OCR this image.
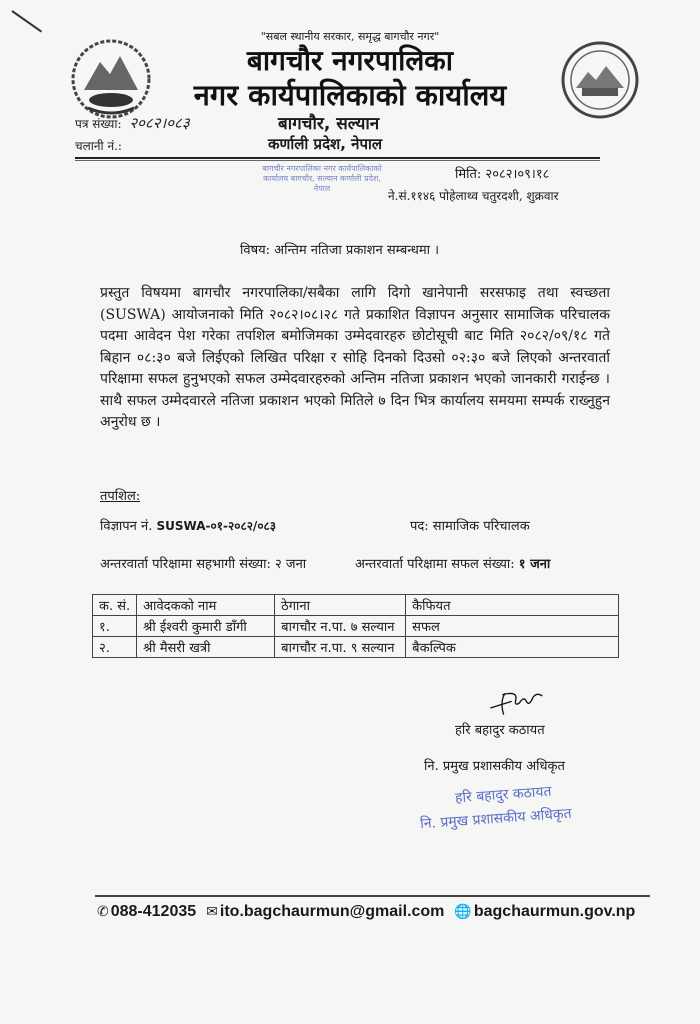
"सबल स्थानीय सरकार, समृद्ध बागचौर नगर"
बागचौर नगरपालिका
नगर कार्यपालिकाको कार्यालय
पत्र संख्या: २०८२।०८३
चलानी नं.:
बागचौर, सल्यान
कर्णाली प्रदेश, नेपाल
बागचौर नगरपालिका नगर कार्यपालिकाको कार्यालय बागचौर, सल्यान कर्णाली प्रदेश, नेपाल
मिति: २०८२।०९।१८
ने.सं.११४६ पोहेलाथ्व चतुरदशी, शुक्रवार
विषय: अन्तिम नतिजा प्रकाशन सम्बन्धमा ।
प्रस्तुत विषयमा बागचौर नगरपालिका/सबैका लागि दिगो खानेपानी सरसफाइ तथा स्वच्छता (SUSWA) आयोजनाको मिति २०८२।०८।२८ गते प्रकाशित विज्ञापन अनुसार सामाजिक परिचालक पदमा आवेदन पेश गरेका तपशिल बमोजिमका उम्मेदवारहरु छोटोसूची बाट मिति २०८२/०९/१८ गते बिहान ०८:३० बजे लिईएको लिखित परिक्षा र सोहि दिनको दिउसो ०२:३० बजे लिएको अन्तरवार्ता परिक्षामा सफल हुनुभएको सफल उम्मेदवारहरुको अन्तिम नतिजा प्रकाशन भएको जानकारी गराईन्छ । साथै सफल उम्मेदवारले नतिजा प्रकाशन भएको मितिले ७ दिन भित्र कार्यालय समयमा सम्पर्क राख्नुहुन अनुरोध छ ।
तपशिल:
विज्ञापन नं. SUSWA-०१-२०८२/०८३	पद: सामाजिक परिचालक
अन्तरवार्ता परिक्षामा सहभागी संख्या: २ जना	अन्तरवार्ता परिक्षामा सफल संख्या: १ जना
क. सं.	आवेदकको नाम	ठेगाना	कैफियत
१.	श्री ईश्वरी कुमारी डाँगी	बागचौर न.पा. ७ सल्यान	सफल
२.	श्री मैसरी खत्री	बागचौर न.पा. ९ सल्यान	बैकल्पिक
हरि बहादुर कठायत
नि. प्रमुख प्रशासकीय अधिकृत
हरि बहादुर कठायत
नि. प्रमुख प्रशासकीय अधिकृत
✆ 088-412035 ✉ ito.bagchaurmun@gmail.com 🌐 bagchaurmun.gov.np
